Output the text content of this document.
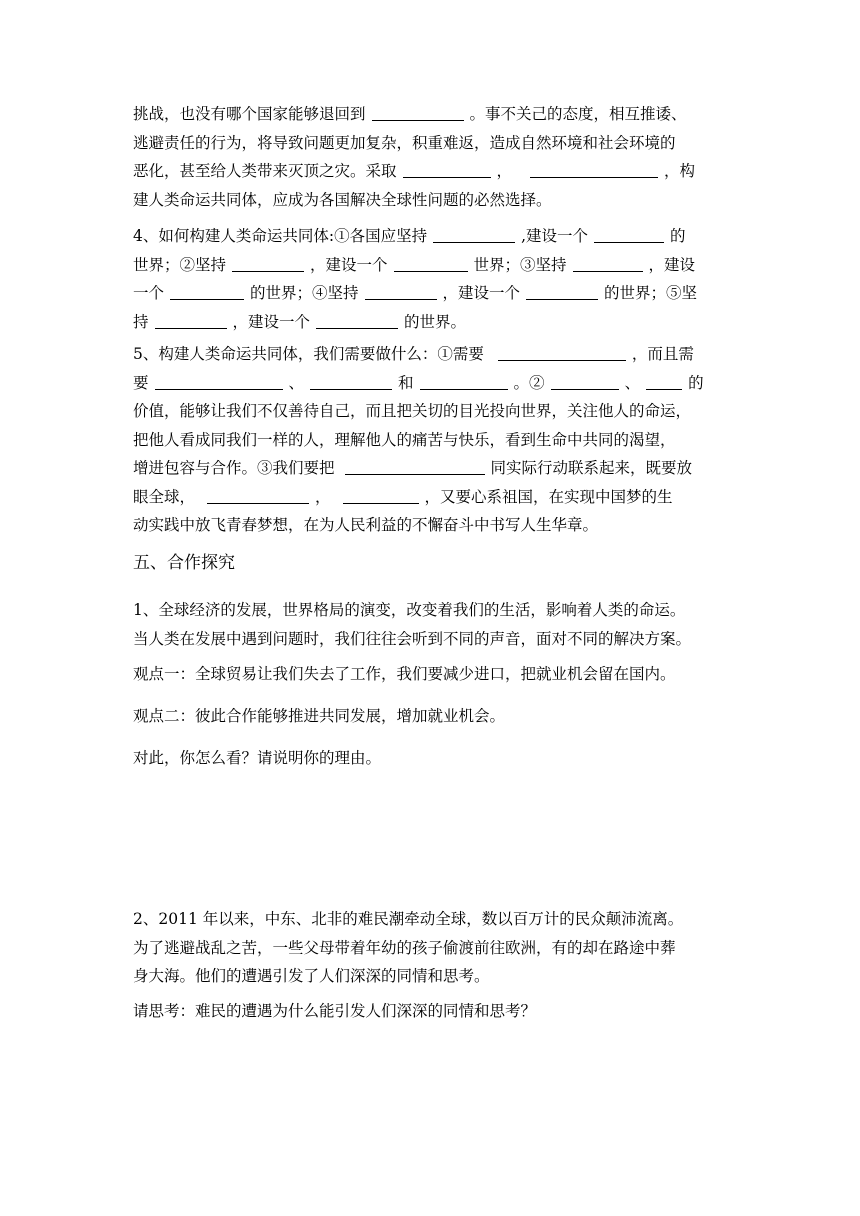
挑战，也没有哪个国家能够退回到	。事不关己的态度，相互推诿、
逃避责任的行为，将导致问题更加复杂，积重难返，造成自然环境和社会环境的
恶化，甚至给人类带来灭顶之灾。采取	，	，构
建人类命运共同体，应成为各国解决全球性问题的必然选择。
4、如何构建人类命运共同体:①各国应坚持	,建设一个	的
世界；②坚持	，建设一个	世界；③坚持	，建设
一个	的世界；④坚持	，建设一个	的世界；⑤坚
持	，建设一个	的世界。
5、构建人类命运共同体，我们需要做什么：①需要	，而且需
要	、	和	。②	、	的
价值，能够让我们不仅善待自己，而且把关切的目光投向世界，关注他人的命运，
把他人看成同我们一样的人，理解他人的痛苦与快乐，看到生命中共同的渴望，
增进包容与合作。③我们要把	同实际行动联系起来，既要放
眼全球，	，	，又要心系祖国，在实现中国梦的生
动实践中放飞青春梦想，在为人民利益的不懈奋斗中书写人生华章。
五、合作探究
1、全球经济的发展，世界格局的演变，改变着我们的生活，影响着人类的命运。
当人类在发展中遇到问题时，我们往往会听到不同的声音，面对不同的解决方案。
观点一：全球贸易让我们失去了工作，我们要减少进口，把就业机会留在国内。
观点二：彼此合作能够推进共同发展，增加就业机会。
对此，你怎么看？请说明你的理由。
2、2011 年以来，中东、北非的难民潮牵动全球，数以百万计的民众颠沛流离。
为了逃避战乱之苦，一些父母带着年幼的孩子偷渡前往欧洲，有的却在路途中葬
身大海。他们的遭遇引发了人们深深的同情和思考。
请思考：难民的遭遇为什么能引发人们深深的同情和思考？
